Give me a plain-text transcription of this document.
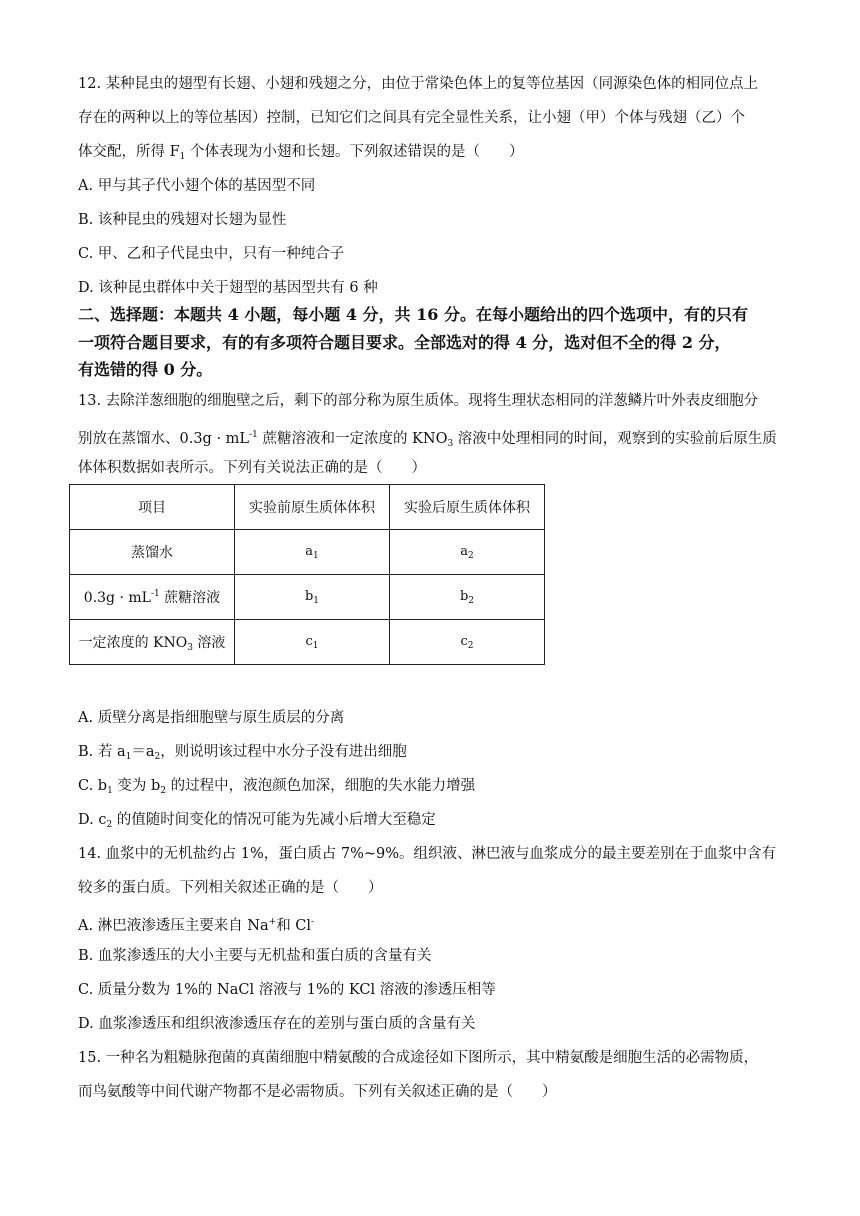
12. 某种昆虫的翅型有长翅、小翅和残翅之分，由位于常染色体上的复等位基因（同源染色体的相同位点上
存在的两种以上的等位基因）控制，已知它们之间具有完全显性关系，让小翅（甲）个体与残翅（乙）个
体交配，所得 $F_1$ 个体表现为小翅和长翅。下列叙述错误的是（　　）
A. 甲与其子代小翅个体的基因型不同
B. 该种昆虫的残翅对长翅为显性
C. 甲、乙和子代昆虫中，只有一种纯合子
D. 该种昆虫群体中关于翅型的基因型共有 6 种
二、选择题：本题共 4 小题，每小题 4 分，共 16 分。在每小题给出的四个选项中，有的只有
一项符合题目要求，有的有多项符合题目要求。全部选对的得 4 分，选对但不全的得 2 分，
有选错的得 0 分。
13. 去除洋葱细胞的细胞壁之后，剩下的部分称为原生质体。现将生理状态相同的洋葱鳞片叶外表皮细胞分
别放在蒸馏水、$0.3g \cdot mL^{-1}$ 蔗糖溶液和一定浓度的 $KNO_3$ 溶液中处理相同的时间，观察到的实验前后原生质
体体积数据如表所示。下列有关说法正确的是（　　）
项目	实验前原生质体体积	实验后原生质体体积
蒸馏水	$a_1$	$a_2$
$0.3g \cdot mL^{-1}$ 蔗糖溶液	$b_1$	$b_2$
一定浓度的 $KNO_3$ 溶液	$c_1$	$c_2$
A. 质壁分离是指细胞壁与原生质层的分离
B. 若 $a_1=a_2$，则说明该过程中水分子没有进出细胞
C. $b_1$ 变为 $b_2$ 的过程中，液泡颜色加深，细胞的失水能力增强
D. $c_2$ 的值随时间变化的情况可能为先减小后增大至稳定
14. 血浆中的无机盐约占 1%，蛋白质占 7%~9%。组织液、淋巴液与血浆成分的最主要差别在于血浆中含有
较多的蛋白质。下列相关叙述正确的是（　　）
A. 淋巴液渗透压主要来自 Na+和 Cl-
B. 血浆渗透压的大小主要与无机盐和蛋白质的含量有关
C. 质量分数为 1%的 NaCl 溶液与 1%的 KCl 溶液的渗透压相等
D. 血浆渗透压和组织液渗透压存在的差别与蛋白质的含量有关
15. 一种名为粗糙脉孢菌的真菌细胞中精氨酸的合成途径如下图所示，其中精氨酸是细胞生活的必需物质，
而鸟氨酸等中间代谢产物都不是必需物质。下列有关叙述正确的是（　　）
